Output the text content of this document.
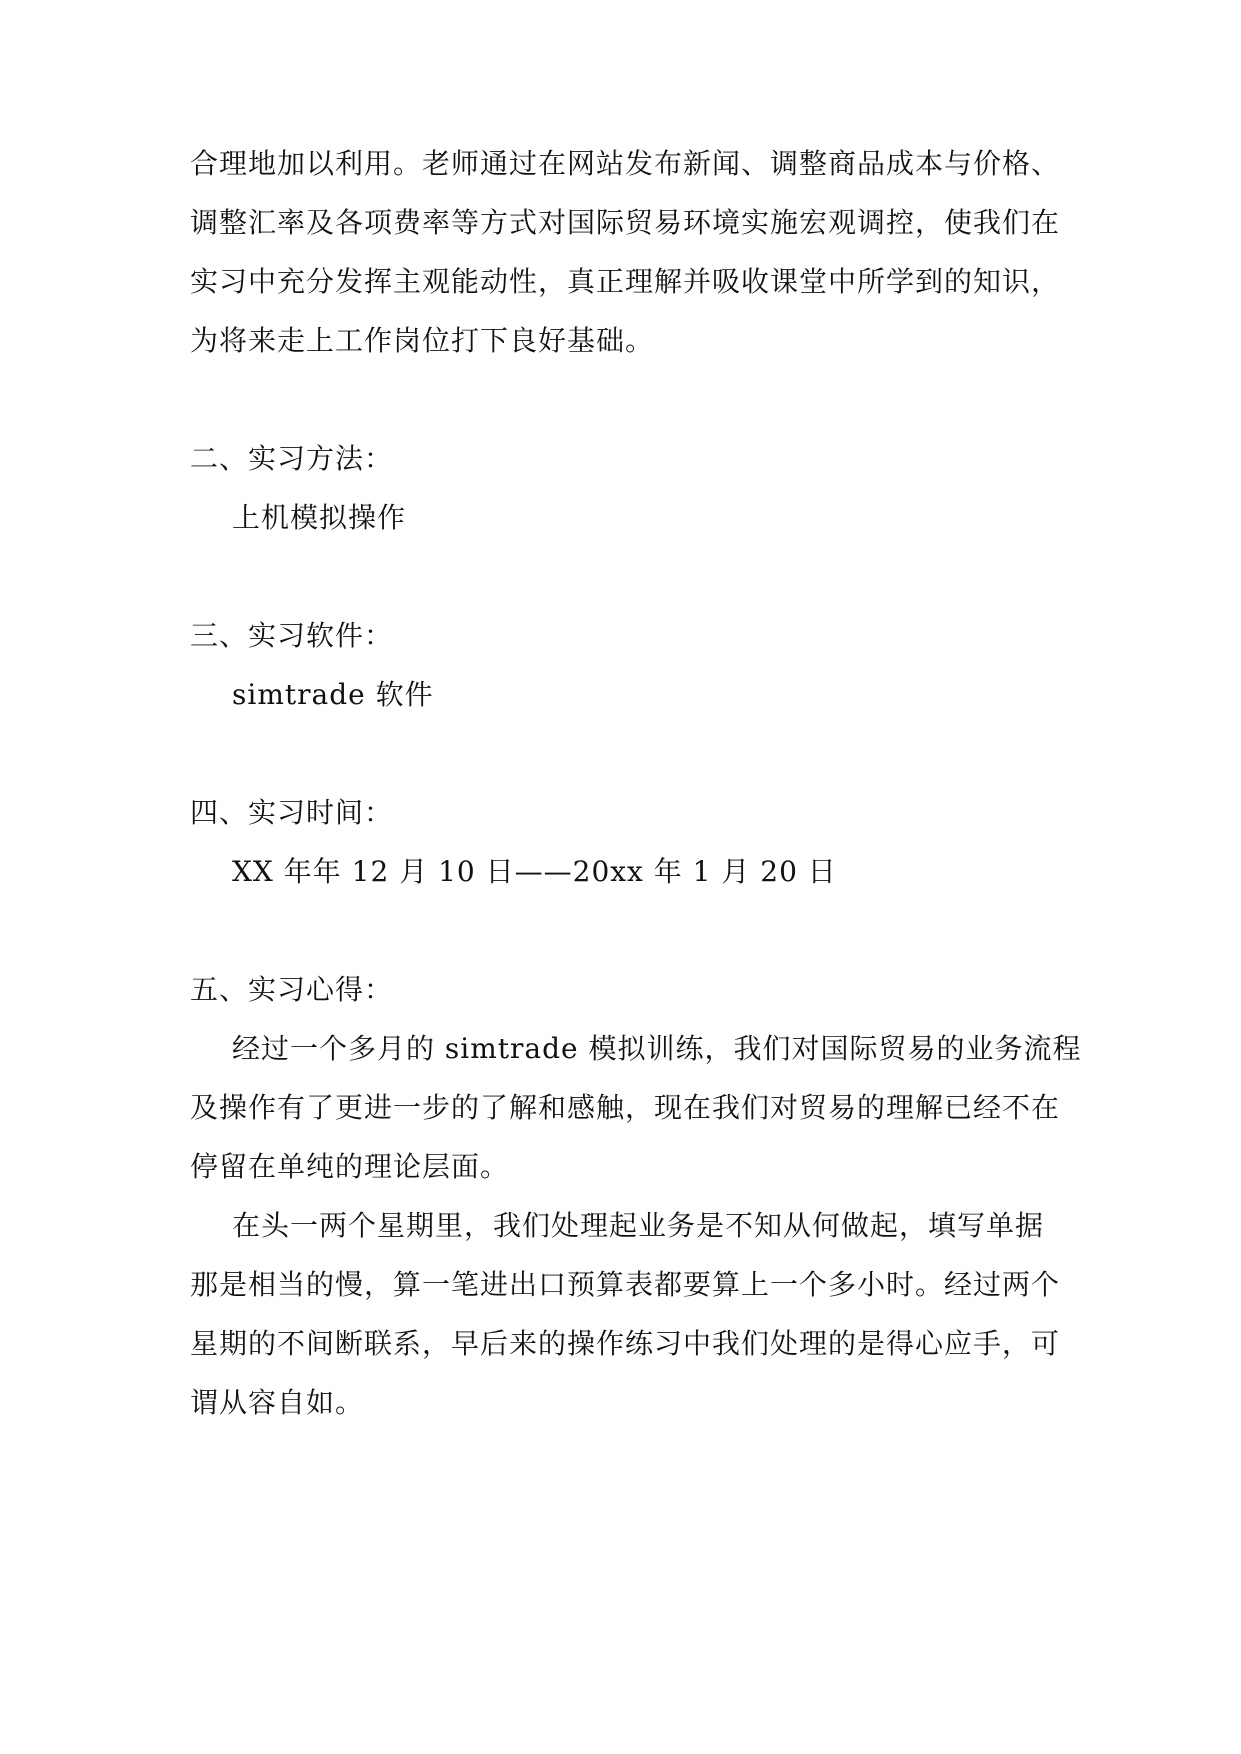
合理地加以利用。老师通过在网站发布新闻、调整商品成本与价格、
调整汇率及各项费率等方式对国际贸易环境实施宏观调控，使我们在
实习中充分发挥主观能动性，真正理解并吸收课堂中所学到的知识，
为将来走上工作岗位打下良好基础。
二、实习方法：
上机模拟操作
三、实习软件：
simtrade 软件
四、实习时间：
XX 年年 12 月 10 日——20xx 年 1 月 20 日
五、实习心得：
经过一个多月的 simtrade 模拟训练，我们对国际贸易的业务流程
及操作有了更进一步的了解和感触，现在我们对贸易的理解已经不在
停留在单纯的理论层面。
在头一两个星期里，我们处理起业务是不知从何做起，填写单据
那是相当的慢，算一笔进出口预算表都要算上一个多小时。经过两个
星期的不间断联系，早后来的操作练习中我们处理的是得心应手，可
谓从容自如。
